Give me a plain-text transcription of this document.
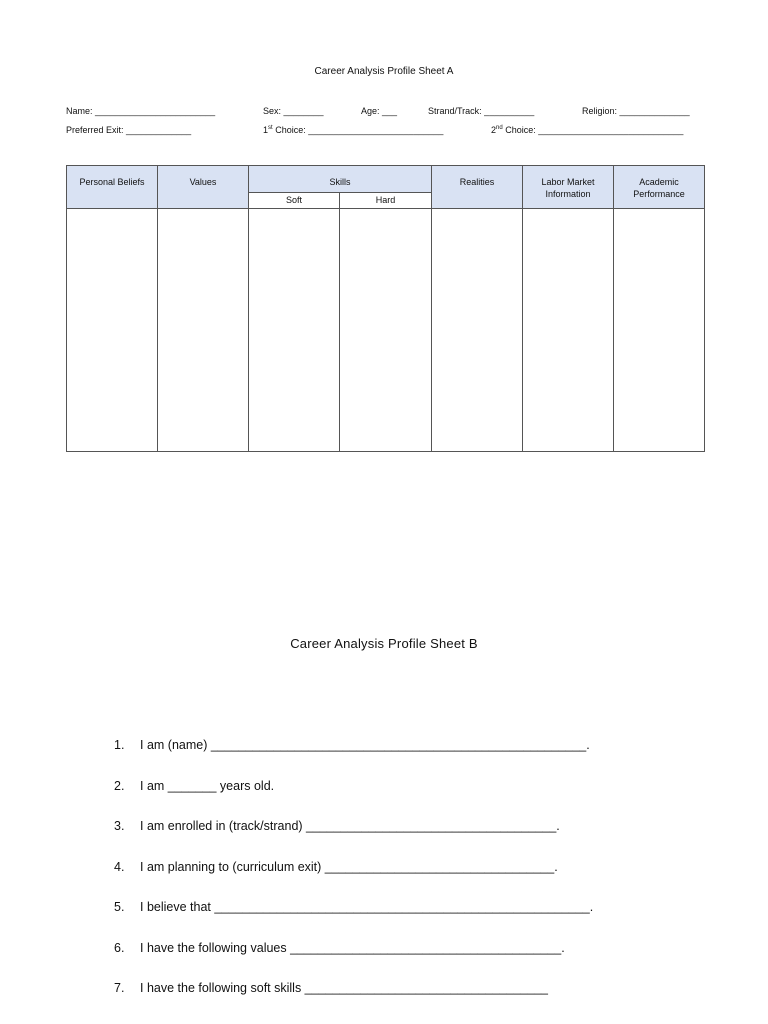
Career Analysis Profile Sheet A
Name: ________________________	Sex: ________	Age: ___	Strand/Track: __________	Religion: ______________
Preferred Exit: _____________	1st Choice: ___________________________	2nd Choice: _____________________________
Personal Beliefs	Values	Skills		Realities	Labor Market Information	Academic Performance
		Soft	Hard			

Career Analysis Profile Sheet B
1. I am (name) ______________________________________________________.
2. I am _______ years old.
3. I am enrolled in (track/strand) ____________________________________.
4. I am planning to (curriculum exit) _________________________________.
5. I believe that ______________________________________________________.
6. I have the following values _______________________________________.
7. I have the following soft skills ___________________________________
